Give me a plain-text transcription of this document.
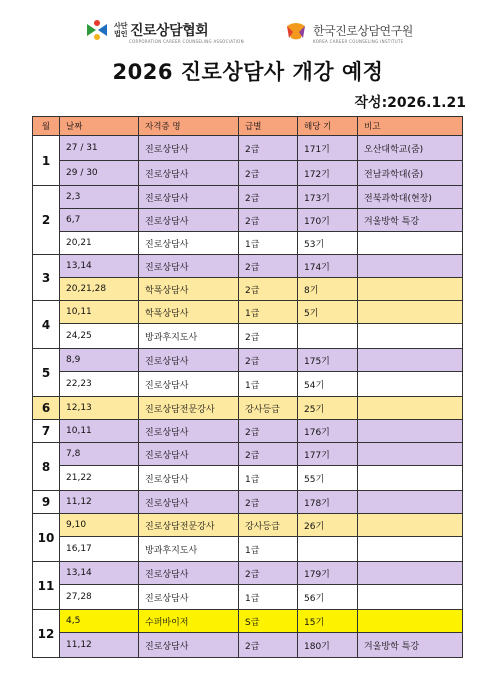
사단 법인 진로상담협회
CORPORATION CAREER COUNSELING ASSOCIATION
한국진로상담연구원
KOREA CAREER COUNSELING INSTITUTE
2026 진로상담사 개강 예정
작성:2026.1.21
월	날짜	자격증 명	급별	해당 기	비고
1	27 / 31	진로상담사	2급	171기	오산대학교(줌)
	29 / 30	진로상담사	2급	172기	전남과학대(줌)
2	2,3	진로상담사	2급	173기	전북과학대(현장)
	6,7	진로상담사	2급	170기	겨울방학 특강
	20,21	진로상담사	1급	53기	
3	13,14	진로상담사	2급	174기	
	20,21,28	학폭상담사	2급	8기	
4	10,11	학폭상담사	1급	5기	
	24,25	방과후지도사	2급		
5	8,9	진로상담사	2급	175기	
	22,23	진로상담사	1급	54기	
6	12,13	진로상담전문강사	강사등급	25기	
7	10,11	진로상담사	2급	176기	
8	7,8	진로상담사	2급	177기	
	21,22	진로상담사	1급	55기	
9	11,12	진로상담사	2급	178기	
10	9,10	진로상담전문강사	강사등급	26기	
	16,17	방과후지도사	1급		
11	13,14	진로상담사	2급	179기	
	27,28	진로상담사	1급	56기	
12	4,5	수퍼바이저	S급	15기	
	11,12	진로상담사	2급	180기	겨울방학 특강
